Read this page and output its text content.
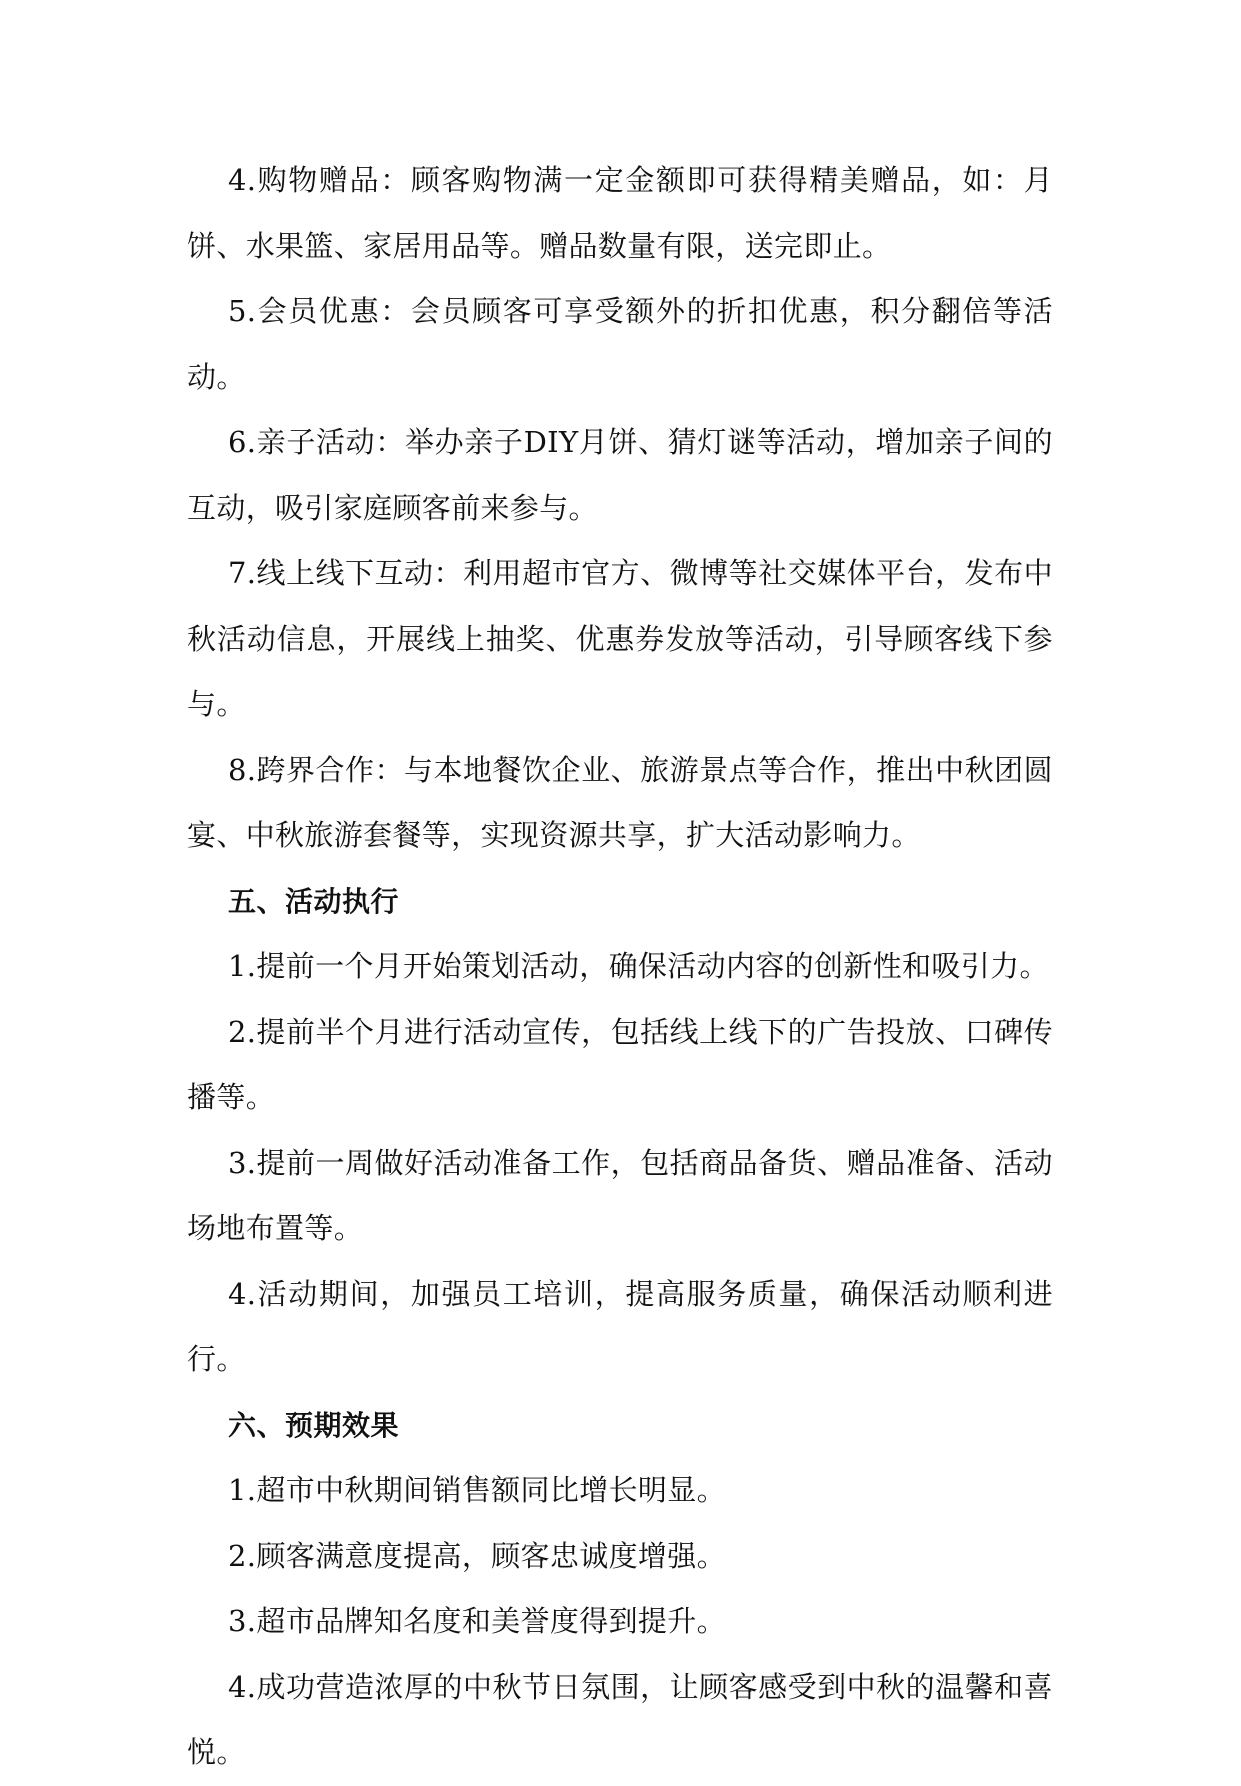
4.购物赠品：顾客购物满一定金额即可获得精美赠品，如：月饼、水果篮、家居用品等。赠品数量有限，送完即止。

5.会员优惠：会员顾客可享受额外的折扣优惠，积分翻倍等活动。

6.亲子活动：举办亲子DIY月饼、猜灯谜等活动，增加亲子间的互动，吸引家庭顾客前来参与。

7.线上线下互动：利用超市官方、微博等社交媒体平台，发布中秋活动信息，开展线上抽奖、优惠券发放等活动，引导顾客线下参与。

8.跨界合作：与本地餐饮企业、旅游景点等合作，推出中秋团圆宴、中秋旅游套餐等，实现资源共享，扩大活动影响力。

五、活动执行

1.提前一个月开始策划活动，确保活动内容的创新性和吸引力。

2.提前半个月进行活动宣传，包括线上线下的广告投放、口碑传播等。

3.提前一周做好活动准备工作，包括商品备货、赠品准备、活动场地布置等。

4.活动期间，加强员工培训，提高服务质量，确保活动顺利进行。

六、预期效果

1.超市中秋期间销售额同比增长明显。

2.顾客满意度提高，顾客忠诚度增强。

3.超市品牌知名度和美誉度得到提升。

4.成功营造浓厚的中秋节日氛围，让顾客感受到中秋的温馨和喜悦。
